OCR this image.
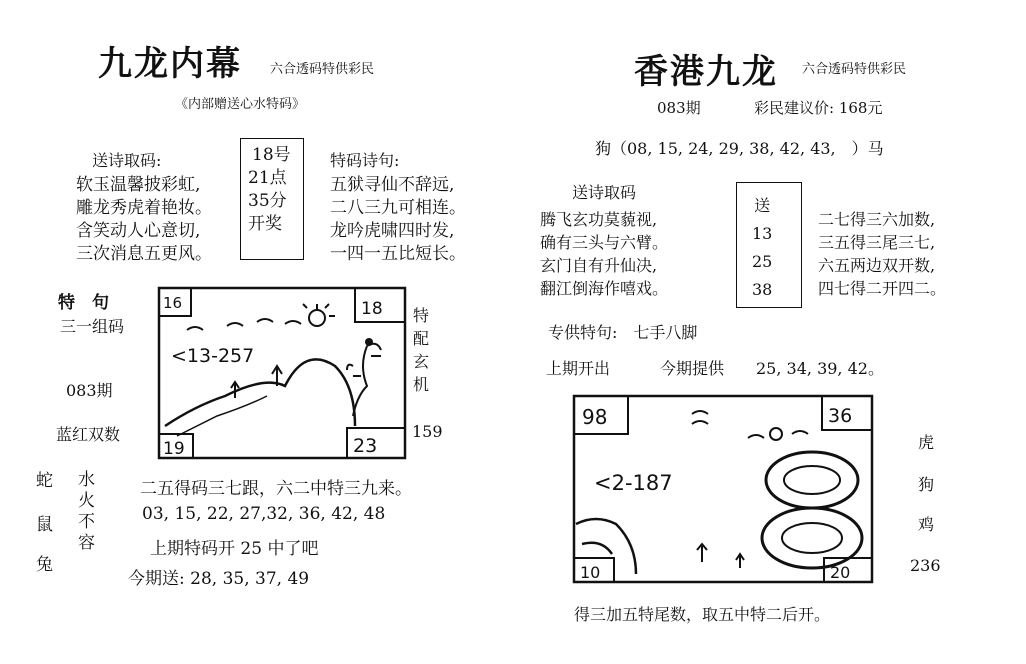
九龙内幕 六合透码特供彩民
《内部赠送心水特码》
送诗取码:
软玉温馨披彩虹,
雕龙秀虎着艳妆。
含笑动人心意切,
三次消息五更风。
18号
21点
35分
开奖
特码诗句:
五狱寻仙不辞远,
二八三九可相连。
龙吟虎啸四时发,
一四一五比短长。
特　句
三一组码
083期
蓝红双数
16	18
19	23
<13-257
特
配
玄
机
159
蛇
鼠
兔
水
火
不
容
二五得码三七跟，六二中特三九来。
03, 15, 22, 27,32, 36, 42, 48
上期特码开 25 中了吧
今期送: 28, 35, 37, 49
香港九龙 六合透码特供彩民
083期	彩民建议价: 168元
狗（08, 15, 24, 29, 38, 42, 43,　）马
送诗取码
腾飞玄功莫藐视,
确有三头与六臂。
玄门自有升仙决,
翻江倒海作嘻戏。
送
13
25
38
二七得三六加数,
三五得三尾三七,
六五两边双开数,
四七得二开四二。
专供特句:　七手八脚
上期开出	今期提供 25, 34, 39, 42。
98	36
10	20
<2-187
虎
狗
鸡
236
得三加五特尾数，取五中特二后开。
